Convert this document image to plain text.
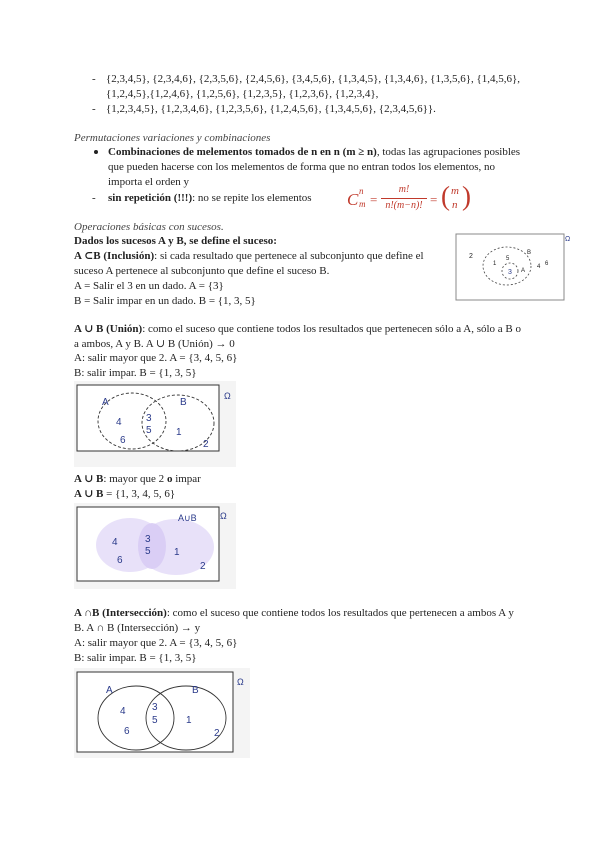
- {2,3,4,5}, {2,3,4,6}, {2,3,5,6}, {2,4,5,6}, {3,4,5,6}, {1,3,4,5}, {1,3,4,6}, {1,3,5,6}, {1,4,5,6},
{1,2,4,5},{1,2,4,6}, {1,2,5,6}, {1,2,3,5}, {1,2,3,6}, {1,2,3,4},
- {1,2,3,4,5}, {1,2,3,4,6}, {1,2,3,5,6}, {1,2,4,5,6}, {1,3,4,5,6}, {2,3,4,5,6}}.
Permutaciones variaciones y combinaciones
Combinaciones de melementos tomados de n en n (m ≥ n), todas las agrupaciones posibles
que pueden hacerse con los melementos de forma que no entran todos los elementos, no
importa el orden y
- sin repetición (!!!): no se repite los elementos C n
m =
m!
n!(m−n)! = ( m
n )
Operaciones básicas con sucesos.
Dados los sucesos A y B, se define el suceso:
A ⊂B (Inclusión): si cada resultado que pertenece al subconjunto que define el
suceso A pertenece al subconjunto que define el suceso B.
A = Salir el 3 en un dado. A = {3}
B = Salir impar en un dado. B = {1, 3, 5}
Ω
2
1
5
3 A
B
4 6
A ∪ B (Unión): como el suceso que contiene todos los resultados que pertenecen sólo a A, sólo a B o
a ambos, A y B. A ∪ B (Unión) → 0
A: salir mayor que 2. A = {3, 4, 5, 6}
B: salir impar. B = {1, 3, 5}
Ω
A	B
4 3
5
6
1
2
A ∪ B: mayor que 2 o impar
A ∪ B = {1, 3, 4, 5, 6}
Ω
A∪B
4	3
5
6
1
2
A ∩B (Intersección): como el suceso que contiene todos los resultados que pertenecen a ambos A y
B. A ∩ B (Intersección) → y
A: salir mayor que 2. A = {3, 4, 5, 6}
B: salir impar. B = {1, 3, 5}
Ω
A	B
4	3
5
6
1
2
